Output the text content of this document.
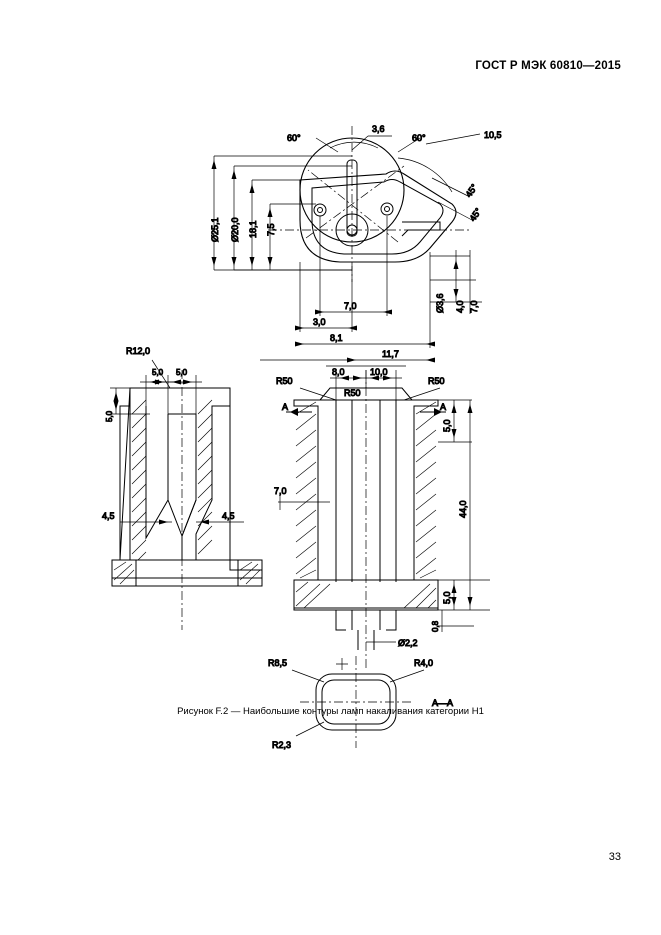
ГОСТ Р МЭК 60810—2015
60°	60°	10,5
3,6
45°
45°
Ø25,1 Ø20,0 18,1 7,5
3,0
7,0
8,1
11,7
Ø3,6 4,0 7,0
R12,0
5,0 5,0
5,0
4,5	4,5
R50
R50
R50
8,0	10,0
A	A
5,0
7,0
44,0
5,0
0,8
Ø2,2
R8,5	R4,0
R2,3
A—A
Рисунок F.2 — Наибольшие контуры ламп накаливания категории H1
33
